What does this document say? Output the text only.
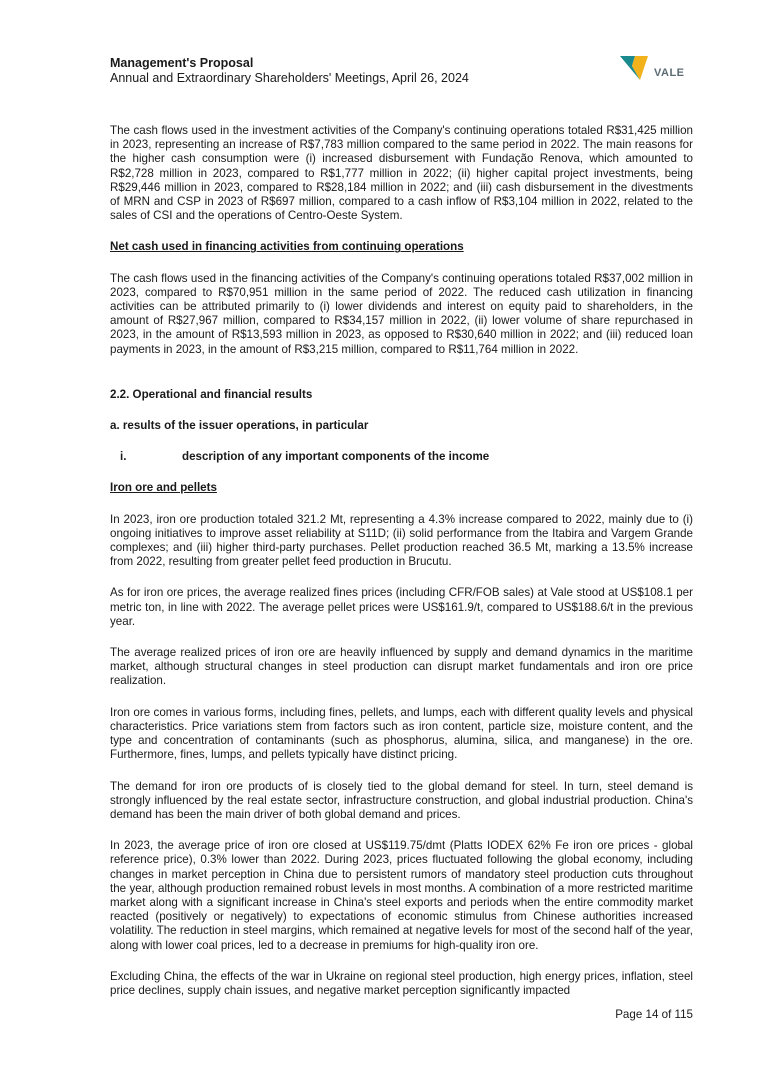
Management's Proposal

Annual and Extraordinary Shareholders' Meetings, April 26, 2024	VALE

The cash flows used in the investment activities of the Company's continuing operations totaled R$31,425 million in 2023, representing an increase of R$7,783 million compared to the same period in 2022. The main reasons for the higher cash consumption were (i) increased disbursement with Fundação Renova, which amounted to R$2,728 million in 2023, compared to R$1,777 million in 2022; (ii) higher capital project investments, being R$29,446 million in 2023, compared to R$28,184 million in 2022; and (iii) cash disbursement in the divestments of MRN and CSP in 2023 of R$697 million, compared to a cash inflow of R$3,104 million in 2022, related to the sales of CSI and the operations of Centro-Oeste System.

Net cash used in financing activities from continuing operations

The cash flows used in the financing activities of the Company's continuing operations totaled R$37,002 million in 2023, compared to R$70,951 million in the same period of 2022. The reduced cash utilization in financing activities can be attributed primarily to (i) lower dividends and interest on equity paid to shareholders, in the amount of R$27,967 million, compared to R$34,157 million in 2022, (ii) lower volume of share repurchased in 2023, in the amount of R$13,593 million in 2023, as opposed to R$30,640 million in 2022; and (iii) reduced loan payments in 2023, in the amount of R$3,215 million, compared to R$11,764 million in 2022.

2.2. Operational and financial results

a. results of the issuer operations, in particular

i.	description of any important components of the income

Iron ore and pellets

In 2023, iron ore production totaled 321.2 Mt, representing a 4.3% increase compared to 2022, mainly due to (i) ongoing initiatives to improve asset reliability at S11D; (ii) solid performance from the Itabira and Vargem Grande complexes; and (iii) higher third-party purchases. Pellet production reached 36.5 Mt, marking a 13.5% increase from 2022, resulting from greater pellet feed production in Brucutu.

As for iron ore prices, the average realized fines prices (including CFR/FOB sales) at Vale stood at US$108.1 per metric ton, in line with 2022. The average pellet prices were US$161.9/t, compared to US$188.6/t in the previous year.

The average realized prices of iron ore are heavily influenced by supply and demand dynamics in the maritime market, although structural changes in steel production can disrupt market fundamentals and iron ore price realization.

Iron ore comes in various forms, including fines, pellets, and lumps, each with different quality levels and physical characteristics. Price variations stem from factors such as iron content, particle size, moisture content, and the type and concentration of contaminants (such as phosphorus, alumina, silica, and manganese) in the ore. Furthermore, fines, lumps, and pellets typically have distinct pricing.

The demand for iron ore products of is closely tied to the global demand for steel. In turn, steel demand is strongly influenced by the real estate sector, infrastructure construction, and global industrial production. China's demand has been the main driver of both global demand and prices.

In 2023, the average price of iron ore closed at US$119.75/dmt (Platts IODEX 62% Fe iron ore prices - global reference price), 0.3% lower than 2022. During 2023, prices fluctuated following the global economy, including changes in market perception in China due to persistent rumors of mandatory steel production cuts throughout the year, although production remained robust levels in most months. A combination of a more restricted maritime market along with a significant increase in China's steel exports and periods when the entire commodity market reacted (positively or negatively) to expectations of economic stimulus from Chinese authorities increased volatility. The reduction in steel margins, which remained at negative levels for most of the second half of the year, along with lower coal prices, led to a decrease in premiums for high-quality iron ore.

Excluding China, the effects of the war in Ukraine on regional steel production, high energy prices, inflation, steel price declines, supply chain issues, and negative market perception significantly impacted

Page 14 of 115
